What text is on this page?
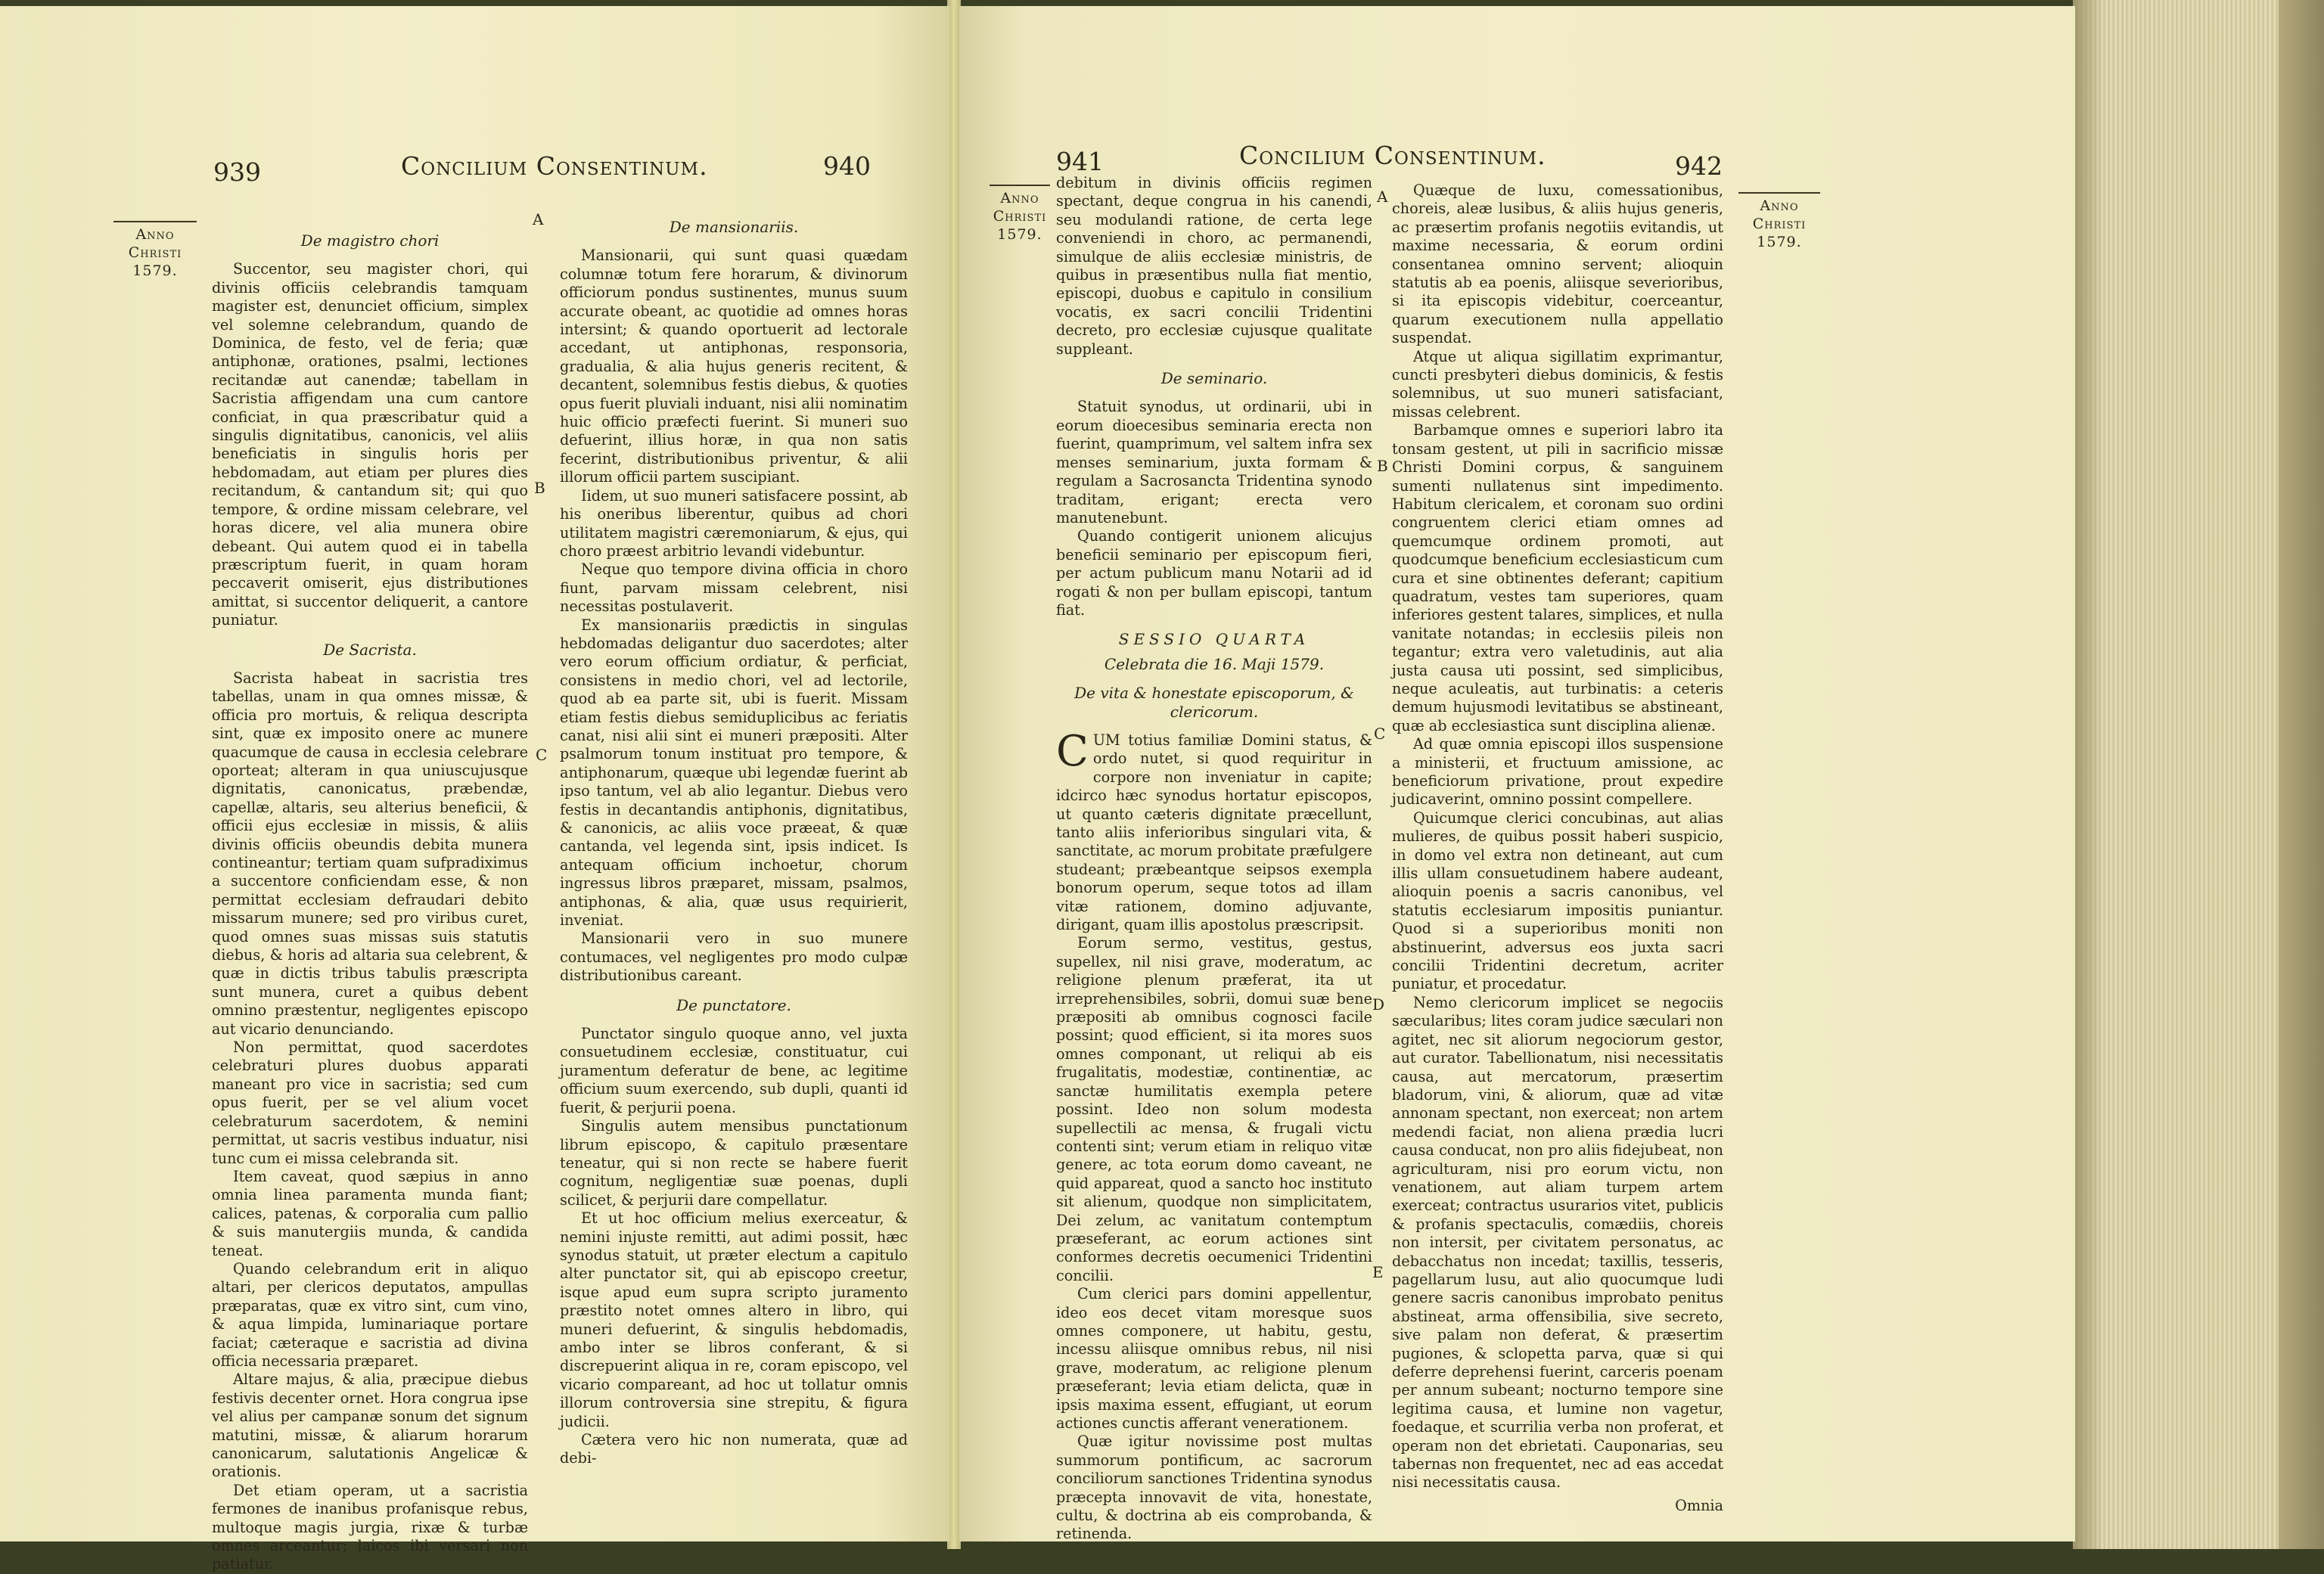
939	Concilium Consentinum.	940
Anno
Christi
1579.
A
B
C
De magistro chori

Succentor, seu magister chori, qui divinis officiis celebrandis tamquam magister est, denunciet officium, simplex vel solemne celebrandum, quando de Dominica, de festo, vel de feria; quæ antiphonæ, orationes, psalmi, lectiones recitandæ aut canendæ; tabellam in Sacristia affigendam una cum cantore conficiat, in qua præscribatur quid a singulis dignitatibus, canonicis, vel aliis beneficiatis in singulis horis per hebdomadam, aut etiam per plures dies recitandum, & cantandum sit; qui quo tempore, & ordine missam celebrare, vel horas dicere, vel alia munera obire debeant. Qui autem quod ei in tabella præscriptum fuerit, in quam horam peccaverit omiserit, ejus distributiones amittat, si succentor deliquerit, a cantore puniatur.

De Sacrista.

Sacrista habeat in sacristia tres tabellas, unam in qua omnes missæ, & officia pro mortuis, & reliqua descripta sint, quæ ex imposito onere ac munere quacumque de causa in ecclesia celebrare oporteat; alteram in qua uniuscujusque dignitatis, canonicatus, præbendæ, capellæ, altaris, seu alterius beneficii, & officii ejus ecclesiæ in missis, & aliis divinis officiis obeundis debita munera contineantur; tertiam quam sufpradiximus a succentore conficiendam esse, & non permittat ecclesiam defraudari debito missarum munere; sed pro viribus curet, quod omnes suas missas suis statutis diebus, & horis ad altaria sua celebrent, & quæ in dictis tribus tabulis præscripta sunt munera, curet a quibus debent omnino præstentur, negligentes episcopo aut vicario denunciando.

Non permittat, quod sacerdotes celebraturi plures duobus apparati maneant pro vice in sacristia; sed cum opus fuerit, per se vel alium vocet celebraturum sacerdotem, & nemini permittat, ut sacris vestibus induatur, nisi tunc cum ei missa celebranda sit.

Item caveat, quod sæpius in anno omnia linea paramenta munda fiant; calices, patenas, & corporalia cum pallio & suis manutergiis munda, & candida teneat.

Quando celebrandum erit in aliquo altari, per clericos deputatos, ampullas præparatas, quæ ex vitro sint, cum vino, & aqua limpida, luminariaque portare faciat; cæteraque e sacristia ad divina officia necessaria præparet.

Altare majus, & alia, præcipue diebus festivis decenter ornet. Hora congrua ipse vel alius per campanæ sonum det signum matutini, missæ, & aliarum horarum canonicarum, salutationis Angelicæ & orationis.

Det etiam operam, ut a sacristia fermones de inanibus profanisque rebus, multoque magis jurgia, rixæ & turbæ omnes arceantur; laicos ibi versari non patiatur.

De mansionariis.

Mansionarii, qui sunt quasi quædam columnæ totum fere horarum, & divinorum officiorum pondus sustinentes, munus suum accurate obeant, ac quotidie ad omnes horas intersint; & quando oportuerit ad lectorale accedant, ut antiphonas, responsoria, gradualia, & alia hujus generis recitent, & decantent, solemnibus festis diebus, & quoties opus fuerit pluviali induant, nisi alii nominatim huic officio præfecti fuerint. Si muneri suo defuerint, illius horæ, in qua non satis fecerint, distributionibus priventur, & alii illorum officii partem suscipiant.

Iidem, ut suo muneri satisfacere possint, ab his oneribus liberentur, quibus ad chori utilitatem magistri cæremoniarum, & ejus, qui choro præest arbitrio levandi videbuntur.

Neque quo tempore divina officia in choro fiunt, parvam missam celebrent, nisi necessitas postulaverit.

Ex mansionariis prædictis in singulas hebdomadas deligantur duo sacerdotes; alter vero eorum officium ordiatur, & perficiat, consistens in medio chori, vel ad lectorile, quod ab ea parte sit, ubi is fuerit. Missam etiam festis diebus semiduplicibus ac feriatis canat, nisi alii sint ei muneri præpositi. Alter psalmorum tonum instituat pro tempore, & antiphonarum, quæque ubi legendæ fuerint ab ipso tantum, vel ab alio legantur. Diebus vero festis in decantandis antiphonis, dignitatibus, & canonicis, ac aliis voce præeat, & quæ cantanda, vel legenda sint, ipsis indicet. Is antequam officium inchoetur, chorum ingressus libros præparet, missam, psalmos, antiphonas, & alia, quæ usus requirierit, inveniat.

Mansionarii vero in suo munere contumaces, vel negligentes pro modo culpæ distributionibus careant.

De punctatore.

Punctator singulo quoque anno, vel juxta consuetudinem ecclesiæ, constituatur, cui juramentum deferatur de bene, ac legitime officium suum exercendo, sub dupli, quanti id fuerit, & perjurii poena.

Singulis autem mensibus punctationum librum episcopo, & capitulo præsentare teneatur, qui si non recte se habere fuerit cognitum, negligentiæ suæ poenas, dupli scilicet, & perjurii dare compellatur.

Et ut hoc officium melius exerceatur, & nemini injuste remitti, aut adimi possit, hæc synodus statuit, ut præter electum a capitulo alter punctator sit, qui ab episcopo creetur, isque apud eum supra scripto juramento præstito notet omnes altero in libro, qui muneri defuerint, & singulis hebdomadis, ambo inter se libros conferant, & si discrepuerint aliqua in re, coram episcopo, vel vicario compareant, ad hoc ut tollatur omnis illorum controversia sine strepitu, & figura judicii.

Cætera vero hic non numerata, quæ ad debi-

941	Concilium Consentinum.	942
Anno
Christi
1579.
Anno
Christi
1579.
A
B
C
D
E

debitum in divinis officiis regimen spectant, deque congrua in his canendi, seu modulandi ratione, de certa lege conveniendi in choro, ac permanendi, simulque de aliis ecclesiæ ministris, de quibus in præsentibus nulla fiat mentio, episcopi, duobus e capitulo in consilium vocatis, ex sacri concilii Tridentini decreto, pro ecclesiæ cujusque qualitate suppleant.

De seminario.

Statuit synodus, ut ordinarii, ubi in eorum dioecesibus seminaria erecta non fuerint, quamprimum, vel saltem infra sex menses seminarium, juxta formam & regulam a Sacrosancta Tridentina synodo traditam, erigant; erecta vero manutenebunt.

Quando contigerit unionem alicujus beneficii seminario per episcopum fieri, per actum publicum manu Notarii ad id rogati & non per bullam episcopi, tantum fiat.

SESSIO QUARTA
Celebrata die 16. Maji 1579.
De vita & honestate episcoporum, & clericorum.

CUM totius familiæ Domini status, & ordo nutet, si quod requiritur in corpore non inveniatur in capite; idcirco hæc synodus hortatur episcopos, ut quanto cæteris dignitate præcellunt, tanto aliis inferioribus singulari vita, & sanctitate, ac morum probitate præfulgere studeant; præbeantque seipsos exempla bonorum operum, seque totos ad illam vitæ rationem, domino adjuvante, dirigant, quam illis apostolus præscripsit.

Eorum sermo, vestitus, gestus, supellex, nil nisi grave, moderatum, ac religione plenum præferat, ita ut irreprehensibiles, sobrii, domui suæ bene præpositi ab omnibus cognosci facile possint; quod efficient, si ita mores suos omnes componant, ut reliqui ab eis frugalitatis, modestiæ, continentiæ, ac sanctæ humilitatis exempla petere possint. Ideo non solum modesta supellectili ac mensa, & frugali victu contenti sint; verum etiam in reliquo vitæ genere, ac tota eorum domo caveant, ne quid appareat, quod a sancto hoc instituto sit alienum, quodque non simplicitatem, Dei zelum, ac vanitatum contemptum præseferant, ac eorum actiones sint conformes decretis oecumenici Tridentini concilii.

Cum clerici pars domini appellentur, ideo eos decet vitam moresque suos omnes componere, ut habitu, gestu, incessu aliisque omnibus rebus, nil nisi grave, moderatum, ac religione plenum præseferant; levia etiam delicta, quæ in ipsis maxima essent, effugiant, ut eorum actiones cunctis afferant venerationem.

Quæ igitur novissime post multas summorum pontificum, ac sacrorum conciliorum sanctiones Tridentina synodus præcepta innovavit de vita, honestate, cultu, & doctrina ab eis comprobanda, & retinenda.

Quæque de luxu, comessationibus, choreis, aleæ lusibus, & aliis hujus generis, ac præsertim profanis negotiis evitandis, ut maxime necessaria, & eorum ordini consentanea omnino servent; alioquin statutis ab ea poenis, aliisque severioribus, si ita episcopis videbitur, coerceantur, quarum executionem nulla appellatio suspendat.

Atque ut aliqua sigillatim exprimantur, cuncti presbyteri diebus dominicis, & festis solemnibus, ut suo muneri satisfaciant, missas celebrent.

Barbamque omnes e superiori labro ita tonsam gestent, ut pili in sacrificio missæ Christi Domini corpus, & sanguinem sumenti nullatenus sint impedimento. Habitum clericalem, et coronam suo ordini congruentem clerici etiam omnes ad quemcumque ordinem promoti, aut quodcumque beneficium ecclesiasticum cum cura et sine obtinentes deferant; capitium quadratum, vestes tam superiores, quam inferiores gestent talares, simplices, et nulla vanitate notandas; in ecclesiis pileis non tegantur; extra vero valetudinis, aut alia justa causa uti possint, sed simplicibus, neque aculeatis, aut turbinatis: a ceteris demum hujusmodi levitatibus se abstineant, quæ ab ecclesiastica sunt disciplina alienæ.

Ad quæ omnia episcopi illos suspensione a ministerii, et fructuum amissione, ac beneficiorum privatione, prout expedire judicaverint, omnino possint compellere.

Quicumque clerici concubinas, aut alias mulieres, de quibus possit haberi suspicio, in domo vel extra non detineant, aut cum illis ullam consuetudinem habere audeant, alioquin poenis a sacris canonibus, vel statutis ecclesiarum impositis puniantur. Quod si a superioribus moniti non abstinuerint, adversus eos juxta sacri concilii Tridentini decretum, acriter puniatur, et procedatur.

Nemo clericorum implicet se negociis sæcularibus; lites coram judice sæculari non agitet, nec sit aliorum negociorum gestor, aut curator. Tabellionatum, nisi necessitatis causa, aut mercatorum, præsertim bladorum, vini, & aliorum, quæ ad vitæ annonam spectant, non exerceat; non artem medendi faciat, non aliena prædia lucri causa conducat, non pro aliis fidejubeat, non agriculturam, nisi pro eorum victu, non venationem, aut aliam turpem artem exerceat; contractus usurarios vitet, publicis & profanis spectaculis, comædiis, choreis non intersit, per civitatem personatus, ac debacchatus non incedat; taxillis, tesseris, pagellarum lusu, aut alio quocumque ludi genere sacris canonibus improbato penitus abstineat, arma offensibilia, sive secreto, sive palam non deferat, & præsertim pugiones, & sclopetta parva, quæ si qui deferre deprehensi fuerint, carceris poenam per annum subeant; nocturno tempore sine legitima causa, et lumine non vagetur, foedaque, et scurrilia verba non proferat, et operam non det ebrietati. Cauponarias, seu tabernas non frequentet, nec ad eas accedat nisi necessitatis causa.

Omnia
